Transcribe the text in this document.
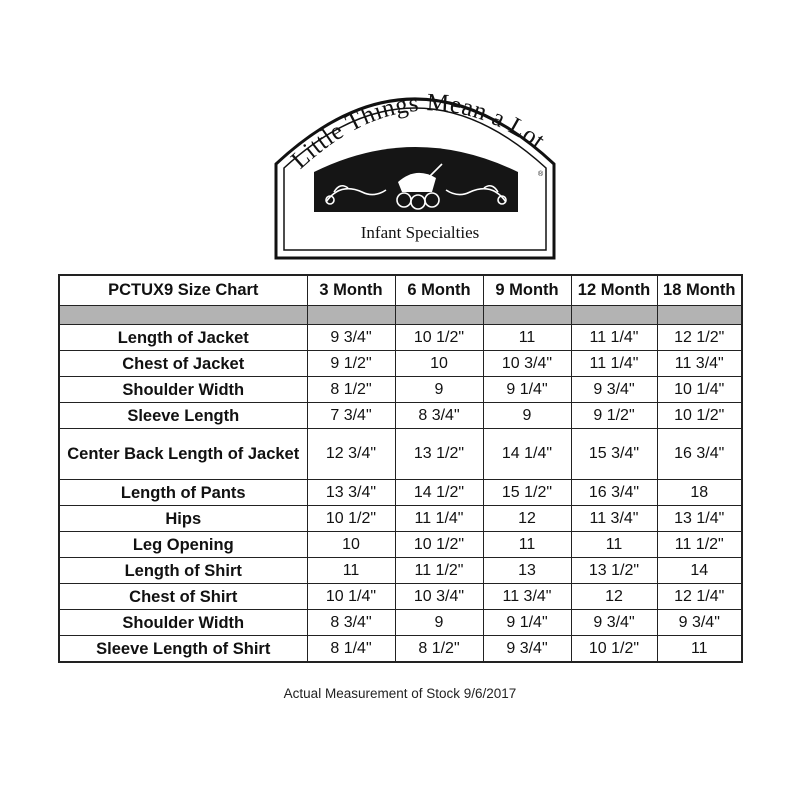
Little Things Mean a Lot
®
Infant Specialties
PCTUX9 Size Chart	3 Month	6 Month	9 Month	12 Month	18 Month

Length of Jacket	9 3/4"	10 1/2"	11	11 1/4"	12 1/2"
Chest of Jacket	9 1/2"	10	10 3/4"	11 1/4"	11 3/4"
Shoulder Width	8 1/2"	9	9 1/4"	9 3/4"	10 1/4"
Sleeve Length	7 3/4"	8 3/4"	9	9 1/2"	10 1/2"
Center Back Length of Jacket	12 3/4"	13 1/2"	14 1/4"	15 3/4"	16 3/4"
Length of Pants	13 3/4"	14 1/2"	15 1/2"	16 3/4"	18
Hips	10 1/2"	11 1/4"	12	11 3/4"	13 1/4"
Leg Opening	10	10 1/2"	11	11	11 1/2"
Length of Shirt	11	11 1/2"	13	13 1/2"	14
Chest of Shirt	10 1/4"	10 3/4"	11 3/4"	12	12 1/4"
Shoulder Width	8 3/4"	9	9 1/4"	9 3/4"	9 3/4"
Sleeve Length of Shirt	8 1/4"	8 1/2"	9 3/4"	10 1/2"	11
Actual Measurement of Stock 9/6/2017
